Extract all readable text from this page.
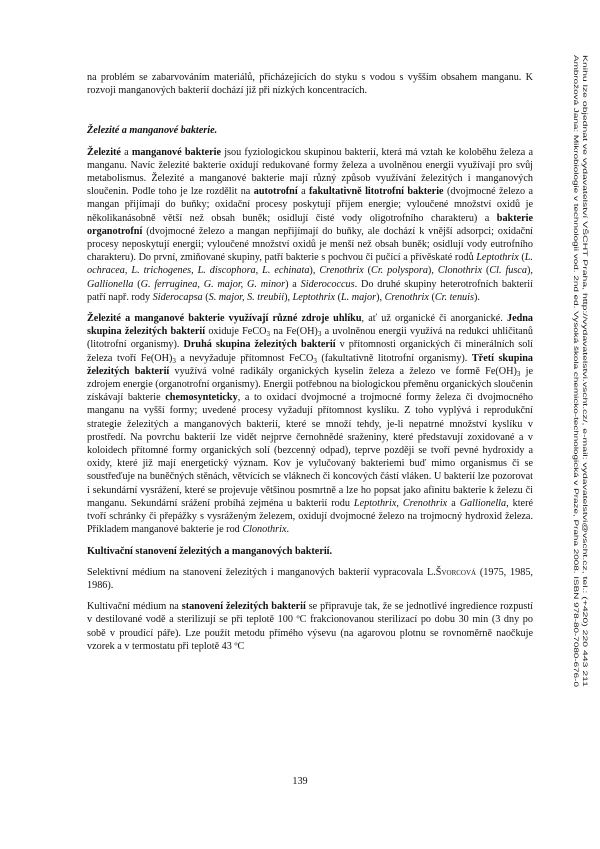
na problém se zabarvováním materiálů, přicházejících do styku s vodou s vyšším obsahem manganu. K rozvoji manganových bakterií dochází již při nízkých koncentracích.

Železité a manganové bakterie.

Železité a manganové bakterie jsou fyziologickou skupinou bakterií, která má vztah ke koloběhu železa a manganu. Navíc železité bakterie oxidují redukované formy železa a uvolněnou energii využívají pro svůj metabolismus. Železité a manganové bakterie mají různý způsob využívání železitých i manganových sloučenin. Podle toho je lze rozdělit na autotrofní a fakultativně litotrofní bakterie (dvojmocné železo a mangan přijímají do buňky; oxidační procesy poskytují příjem energie; vyloučené množství oxidů je několikanásobně větší než obsah buněk; osidlují čisté vody oligotrofního charakteru) a bakterie organotrofní (dvojmocné železo a mangan nepřijímají do buňky, ale dochází k vnější adsorpci; oxidační procesy neposkytují energii; vyloučené množství oxidů je menší než obsah buněk; osidlují vody eutrofního charakteru). Do první, zmiňované skupiny, patří bakterie s pochvou či pučící a přívěskaté rodů Leptothrix (L. ochracea, L. trichogenes, L. discophora, L. echinata), Crenothrix (Cr. polyspora), Clonothrix (Cl. fusca), Gallionella (G. ferruginea, G. major, G. minor) a Siderococcus. Do druhé skupiny heterotrofních bakterií patří např. rody Siderocapsa (S. major, S. treubii), Leptothrix (L. major), Crenothrix (Cr. tenuis).

Železité a manganové bakterie využívají různé zdroje uhlíku, ať už organické či anorganické. Jedna skupina železitých bakterií oxiduje FeCO$_3$ na $Fe(OH)_3$ a uvolněnou energii využívá na redukci uhličitanů (litotrofní organismy). Druhá skupina železitých bakterií v přítomnosti organických či minerálních solí železa tvoří $Fe(OH)_3$ a nevyžaduje přítomnost FeCO$_3$ (fakultativně litotrofní organismy). Třetí skupina železitých bakterií využívá volné radikály organických kyselin železa a železo ve formě $Fe(OH)_3$ je zdrojem energie (organotrofní organismy). Energii potřebnou na biologickou přeměnu organických sloučenin získávají bakterie chemosynteticky, a to oxidací dvojmocné a trojmocné formy železa či dvojmocného manganu na vyšší formy; uvedené procesy vyžadují přítomnost kyslíku. Z toho vyplývá i reprodukční strategie železitých a manganových bakterií, které se množí tehdy, je-li nepatrné množství kyslíku v prostředí. Na povrchu bakterií lze vidět nejprve černohnědé sraženiny, které představují zoxidované a v koloidech přítomné formy organických solí (bezcenný odpad), teprve později se tvoří pevné hydroxidy a oxidy, které již mají energetický význam. Kov je vylučovaný bakteriemi buď mimo organismus či se soustřeďuje na buněčných stěnách, větvících se vláknech či koncových částí vláken. U bakterií lze pozorovat i sekundární vysrážení, které se projevuje většinou posmrtně a lze ho popsat jako afinitu bakterie k železu či manganu. Sekundární srážení probíhá zejména u bakterií rodu Leptothrix, Crenothrix a Gallionella, které tvoří schránky či přepážky s vysráženým železem, oxidují dvojmocné železo na trojmocný hydroxid železa. Příkladem manganové bakterie je rod Clonothrix.

Kultivační stanovení železitých a manganových bakterií.

Selektivní médium na stanovení železitých i manganových bakterií vypracovala L.Švorcová (1975, 1985, 1986).

Kultivační médium na stanovení železitých bakterií se připravuje tak, že se jednotlivé ingredience rozpustí v destilované vodě a sterilizují se při teplotě 100 ºC frakcionovanou sterilizací po dobu 30 min (3 dny po sobě v proudící páře). Lze použít metodu přímého výsevu (na agarovou plotnu se rovnoměrně naočkuje vzorek a v termostatu při teplotě 43 ºC

Ambrožová Jana: Mikrobiologie v technologii vod. 2nd ed. Vysoká škola chemicko-technologická v Praze, Praha 2008. ISBN 978-80-7080-676-0 Knihu lze objednat ve vydavatelství VŠCHT Praha, http://vydavatelstvi.vscht.cz/, e-mail: vydavatelstvi@vscht.cz, tel.: (+420) 220 443 211
139
